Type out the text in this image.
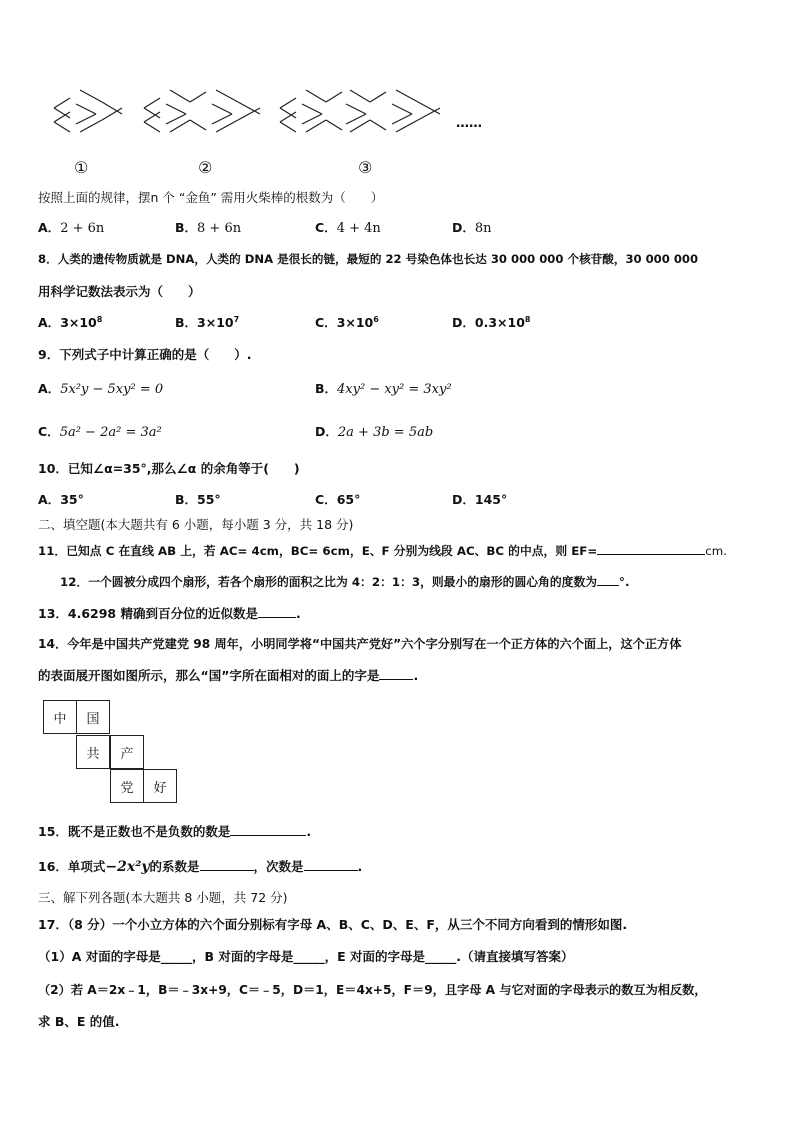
……
①	②	③
按照上面的规律，摆n 个 “金鱼” 需用火柴棒的根数为（　　）
A．2 + 6n	B．8 + 6n	C．4 + 4n	D．8n
8．人类的遗传物质就是 DNA，人类的 DNA 是很长的链，最短的 22 号染色体也长达 30 000 000 个核苷酸，30 000 000
用科学记数法表示为（　　）
A．$3\times 10^8$	B．$3\times 10^7$	C．$3\times 10^6$	D．$0.3\times 10^8$
9．下列式子中计算正确的是（　　）.
A．5x²y − 5xy² = 0	B．4xy² − xy² = 3xy²
C．5a² − 2a² = 3a²	D．2a + 3b = 5ab
10．已知∠α=35°,那么∠α 的余角等于(　　)
A．35°	B．55°	C．65°	D．145°
二、填空题(本大题共有 6 小题，每小题 3 分，共 18 分)
11．已知点 C 在直线 AB 上，若 AC= 4cm，BC= 6cm，E、F 分别为线段 AC、BC 的中点，则 EF=	cm.
12．一个圆被分成四个扇形，若各个扇形的面积之比为 4：2：1：3，则最小的扇形的圆心角的度数为 °.
13．4.6298 精确到百分位的近似数是	.
14．今年是中国共产党建党 98 周年，小明同学将“中国共产党好”六个字分别写在一个正方体的六个面上，这个正方体
的表面展开图如图所示，那么“国”字所在面相对的面上的字是	.
中	国
共	产
党	好
15．既不是正数也不是负数的数是	.
16．单项式−2x²y的系数是	，次数是	.
三、解下列各题(本大题共 8 小题，共 72 分)
17．（8 分）一个小立方体的六个面分别标有字母 A、B、C、D、E、F，从三个不同方向看到的情形如图.
（1）A 对面的字母是_____，B 对面的字母是_____，E 对面的字母是_____.（请直接填写答案）
（2）若 A＝2x﹣1，B＝﹣3x+9，C＝﹣5，D＝1，E＝4x+5，F＝9，且字母 A 与它对面的字母表示的数互为相反数，
求 B、E 的值.
